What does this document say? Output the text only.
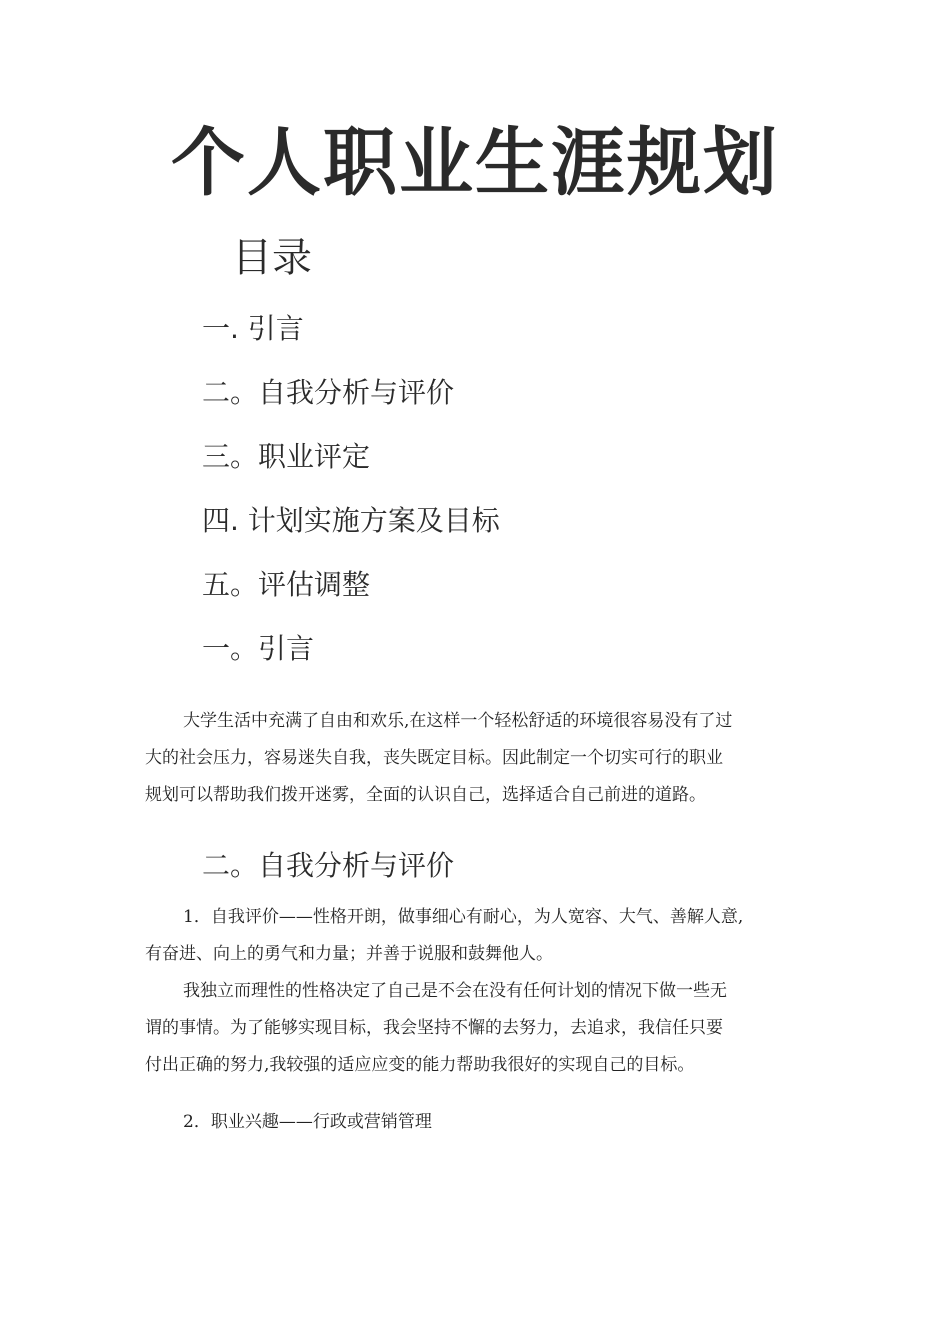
个人职业生涯规划
目录
一. 引言
二。自我分析与评价
三。职业评定
四. 计划实施方案及目标
五。评估调整
一。引言
大学生活中充满了自由和欢乐,在这样一个轻松舒适的环境很容易没有了过
大的社会压力，容易迷失自我，丧失既定目标。因此制定一个切实可行的职业
规划可以帮助我们拨开迷雾，全面的认识自己，选择适合自己前进的道路。
二。自我分析与评价
1．自我评价——性格开朗，做事细心有耐心，为人宽容、大气、善解人意,
有奋进、向上的勇气和力量；并善于说服和鼓舞他人。
我独立而理性的性格决定了自己是不会在没有任何计划的情况下做一些无
谓的事情。为了能够实现目标，我会坚持不懈的去努力，去追求，我信任只要
付出正确的努力,我较强的适应应变的能力帮助我很好的实现自己的目标。
2．职业兴趣——行政或营销管理
